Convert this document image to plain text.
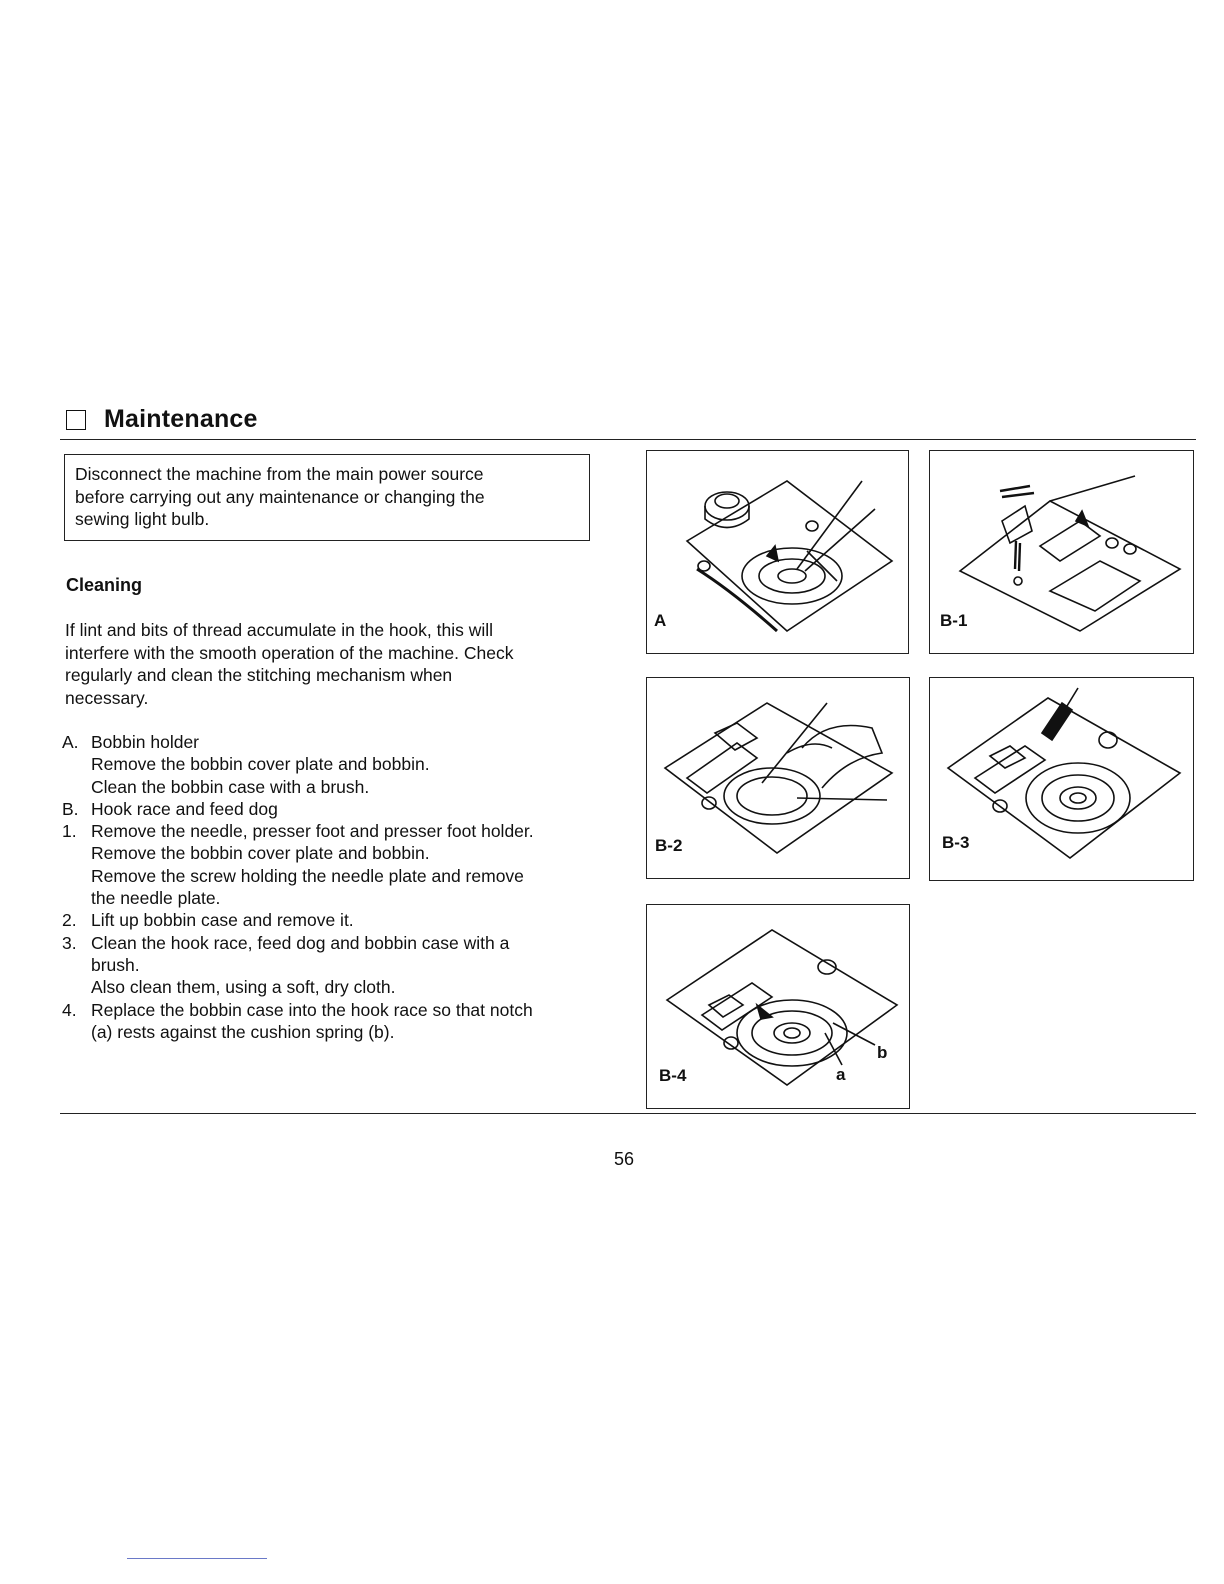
Maintenance
Disconnect the machine from the main power source
before carrying out any maintenance or changing the
sewing light bulb.
Cleaning
If lint and bits of thread accumulate in the hook, this will
interfere with the smooth operation of the machine. Check
regularly and clean the stitching mechanism when
necessary.
A. Bobbin holder
Remove the bobbin cover plate and bobbin.
Clean the bobbin case with a brush.
B. Hook race and feed dog
1. Remove the needle, presser foot and presser foot holder.
Remove the bobbin cover plate and bobbin.
Remove the screw holding the needle plate and remove
the needle plate.
2. Lift up bobbin case and remove it.
3. Clean the hook race, feed dog and bobbin case with a
brush.
Also clean them, using a soft, dry cloth.
4. Replace the bobbin case into the hook race so that notch
(a) rests against the cushion spring (b).
A	B-1
B-2	B-3
B-4	a
b
56
